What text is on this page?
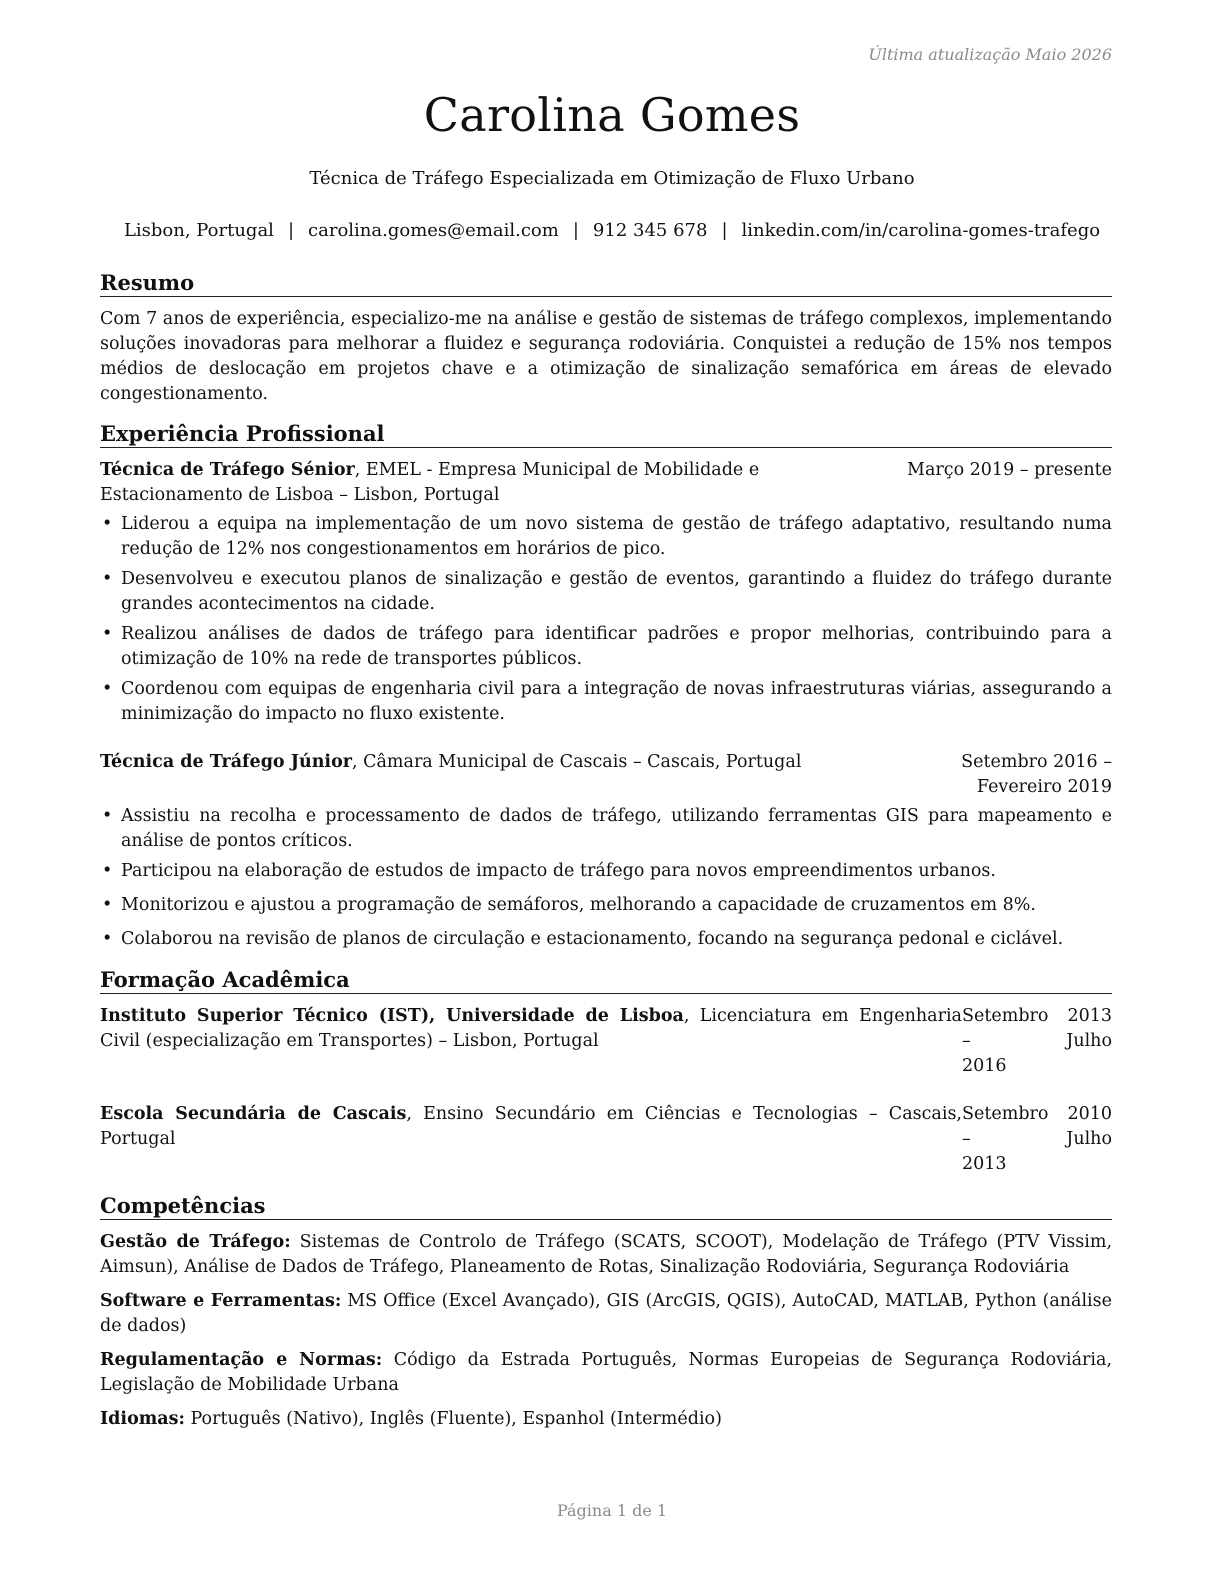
Última atualização Maio 2026
Carolina Gomes
Técnica de Tráfego Especializada em Otimização de Fluxo Urbano
Lisbon, Portugal | carolina.gomes@email.com | 912 345 678 | linkedin.com/in/carolina-gomes-trafego
Resumo

Com 7 anos de experiência, especializo-me na análise e gestão de sistemas de tráfego complexos, implementando soluções inovadoras para melhorar a fluidez e segurança rodoviária. Conquistei a redução de 15% nos tempos médios de deslocação em projetos chave e a otimização de sinalização semafórica em áreas de elevado congestionamento.

Experiência Profissional
Técnica de Tráfego Sénior, EMEL - Empresa Municipal de Mobilidade e Estacionamento de Lisboa – Lisbon, Portugal
Março 2019 – presente
• Liderou a equipa na implementação de um novo sistema de gestão de tráfego adaptativo, resultando numa redução de 12% nos congestionamentos em horários de pico.
• Desenvolveu e executou planos de sinalização e gestão de eventos, garantindo a fluidez do tráfego durante grandes acontecimentos na cidade.
• Realizou análises de dados de tráfego para identificar padrões e propor melhorias, contribuindo para a otimização de 10% na rede de transportes públicos.
• Coordenou com equipas de engenharia civil para a integração de novas infraestruturas viárias, assegurando a minimização do impacto no fluxo existente.
Técnica de Tráfego Júnior, Câmara Municipal de Cascais – Cascais, Portugal	Setembro 2016 – Fevereiro 2019
• Assistiu na recolha e processamento de dados de tráfego, utilizando ferramentas GIS para mapeamento e análise de pontos críticos.
• Participou na elaboração de estudos de impacto de tráfego para novos empreendimentos urbanos.
• Monitorizou e ajustou a programação de semáforos, melhorando a capacidade de cruzamentos em 8%.
• Colaborou na revisão de planos de circulação e estacionamento, focando na segurança pedonal e ciclável.
Formação Acadêmica
Instituto Superior Técnico (IST), Universidade de Lisboa, Licenciatura em Engenharia Civil (especialização em Transportes) – Lisbon, Portugal
Setembro 2013 – Julho
2016
Escola Secundária de Cascais, Ensino Secundário em Ciências e Tecnologias – Cascais, Portugal
Setembro 2010 – Julho
2013
Competências

Gestão de Tráfego: Sistemas de Controlo de Tráfego (SCATS, SCOOT), Modelação de Tráfego (PTV Vissim, Aimsun), Análise de Dados de Tráfego, Planeamento de Rotas, Sinalização Rodoviária, Segurança Rodoviária

Software e Ferramentas: MS Office (Excel Avançado), GIS (ArcGIS, QGIS), AutoCAD, MATLAB, Python (análise de dados)

Regulamentação e Normas: Código da Estrada Português, Normas Europeias de Segurança Rodoviária, Legislação de Mobilidade Urbana

Idiomas: Português (Nativo), Inglês (Fluente), Espanhol (Intermédio)

Página 1 de 1
